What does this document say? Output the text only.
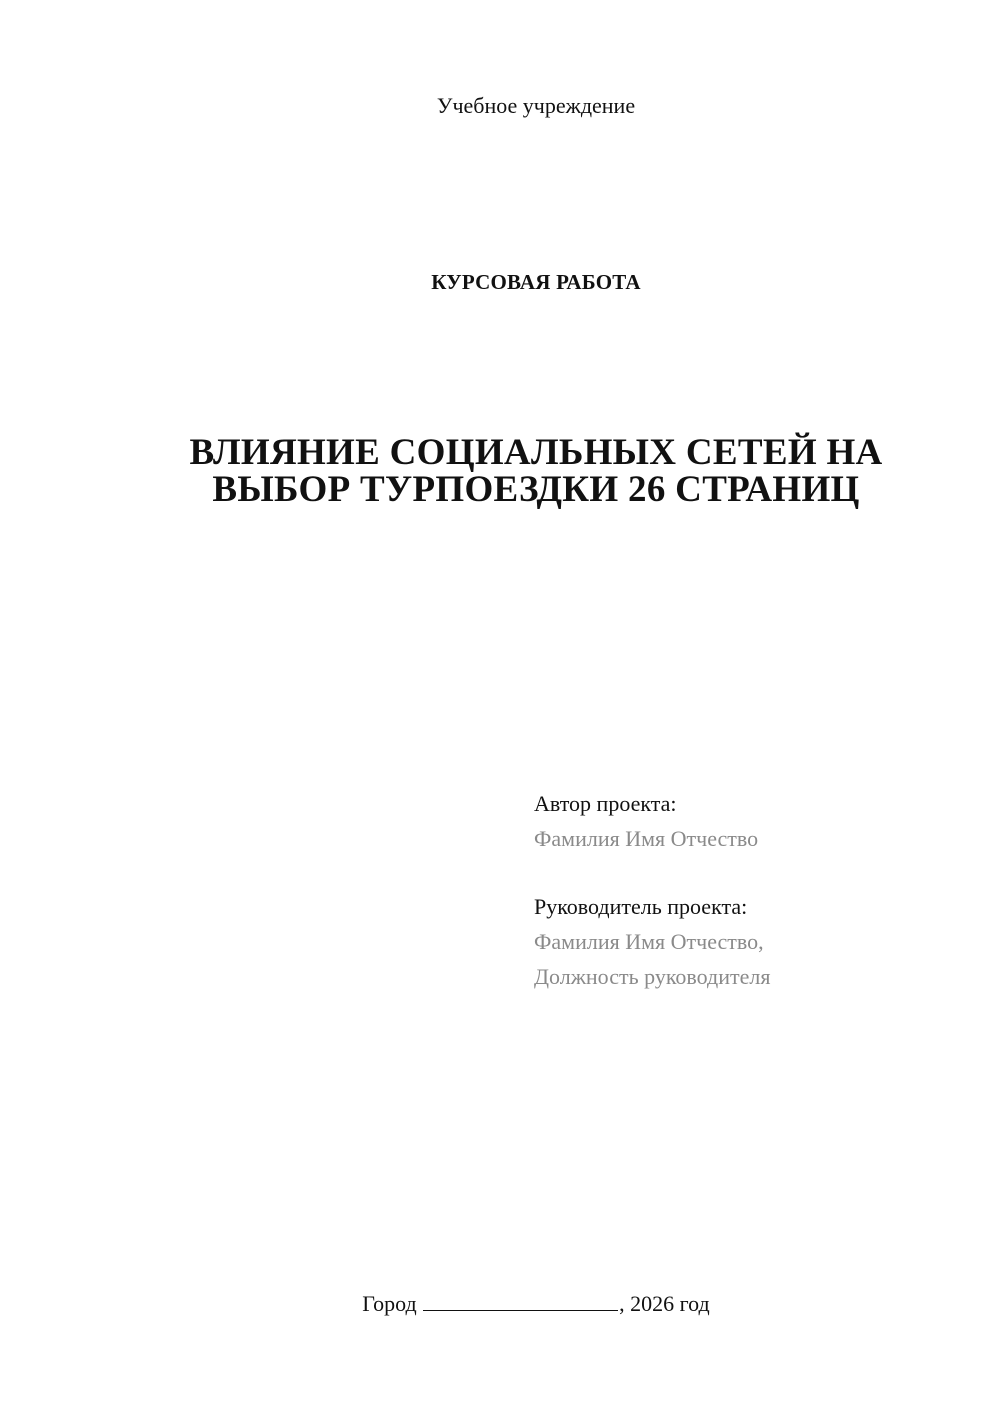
Учебное учреждение
КУРСОВАЯ РАБОТА
ВЛИЯНИЕ СОЦИАЛЬНЫХ СЕТЕЙ НА
ВЫБОР ТУРПОЕЗДКИ 26 СТРАНИЦ
Автор проекта:
Фамилия Имя Отчество
Руководитель проекта:
Фамилия Имя Отчество,
Должность руководителя
Город	, 2026 год
